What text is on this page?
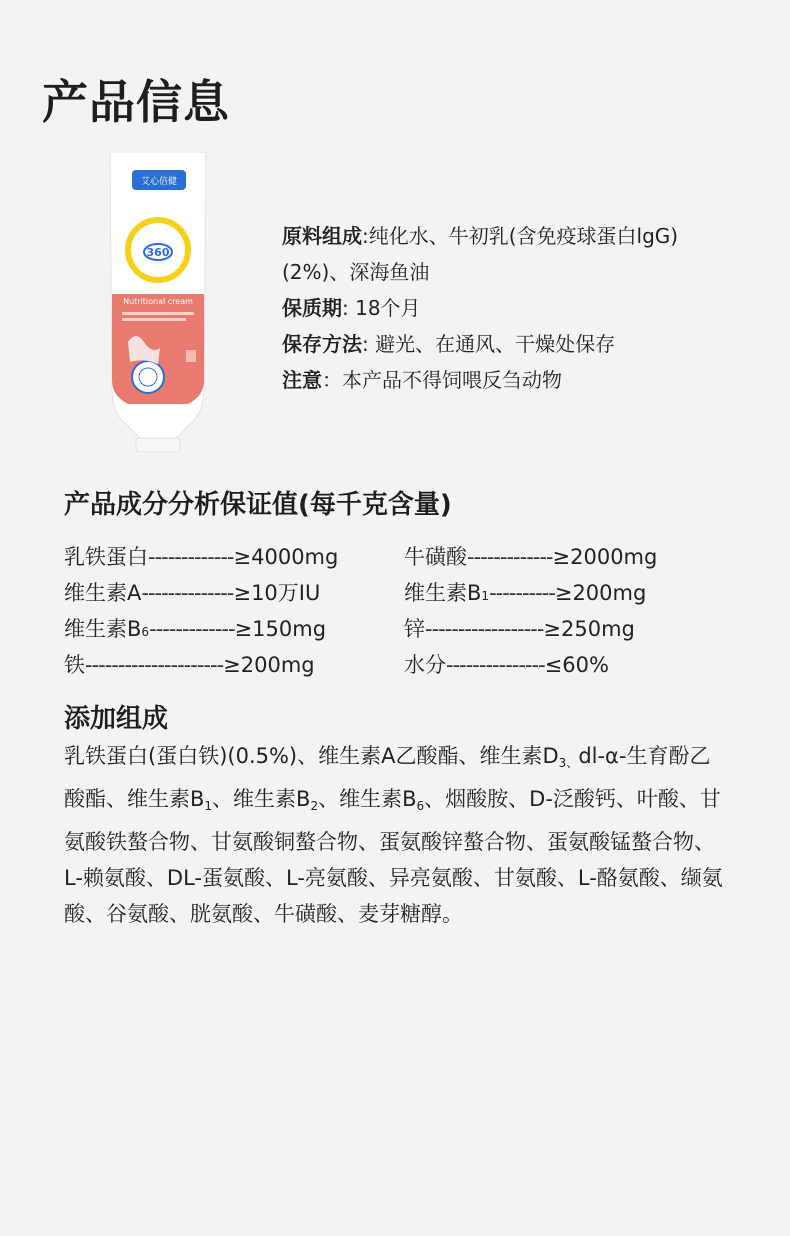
产品信息
艾心倍健
360
Nutritional cream
原料组成:纯化水、牛初乳(含免疫球蛋白lgG)
(2%)、深海鱼油
保质期: 18个月
保存方法: 避光、在通风、干燥处保存
注意：本产品不得饲喂反刍动物
产品成分分析保证值(每千克含量)
乳铁蛋白 ------------- ≥4000mg	牛磺酸 ------------- ≥2000mg
维生素A -------------- ≥10万IU	维生素B 1 ---------- ≥200mg
维生素B 6 ------------- ≥150mg	锌 ------------------ ≥250mg
铁 --------------------- ≥200mg	水分 --------------- ≤60%
添加组成
乳铁蛋白(蛋白铁)(0.5%)、维生素A乙酸酯、维生素$D_{3、}dl-\alpha-$生育酚乙酸酯、维生素$B_1$、维生素$B_2$、维生素$B_6$、烟酸胺、D-泛酸钙、叶酸、甘氨酸铁螯合物、甘氨酸铜螯合物、蛋氨酸锌螯合物、蛋氨酸锰螯合物、L-赖氨酸、DL-蛋氨酸、L-亮氨酸、异亮氨酸、甘氨酸、L-酪氨酸、缬氨酸、谷氨酸、胱氨酸、牛磺酸、麦芽糖醇。
